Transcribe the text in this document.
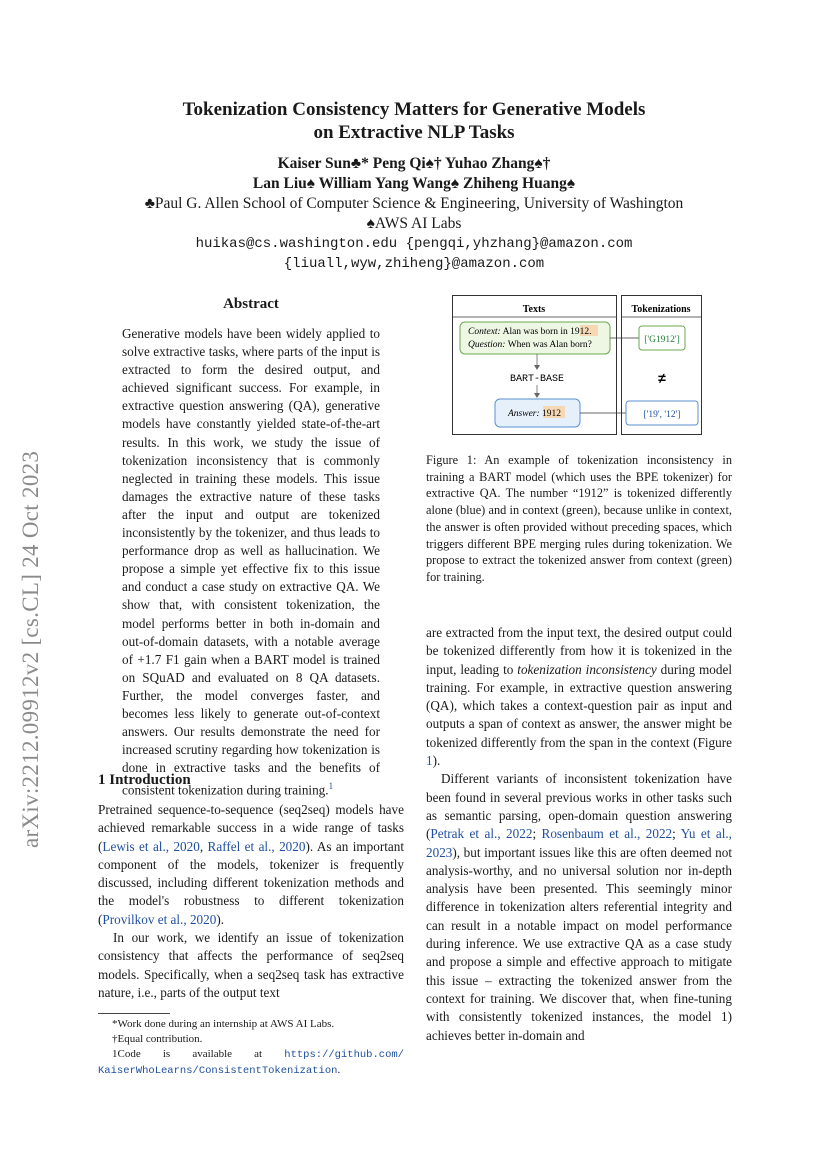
arXiv:2212.09912v2 [cs.CL] 24 Oct 2023
Tokenization Consistency Matters for Generative Models
on Extractive NLP Tasks
Kaiser Sun♣* Peng Qi♠† Yuhao Zhang♠†
Lan Liu♠ William Yang Wang♠ Zhiheng Huang♠
♣Paul G. Allen School of Computer Science & Engineering, University of Washington
♠AWS AI Labs
huikas@cs.washington.edu {pengqi,yhzhang}@amazon.com
{liuall,wyw,zhiheng}@amazon.com
Abstract
Generative models have been widely applied to solve extractive tasks, where parts of the input is extracted to form the desired output, and achieved significant success. For example, in extractive question answering (QA), generative models have constantly yielded state-of-the-art results. In this work, we study the issue of tokenization inconsistency that is commonly neglected in training these models. This issue damages the extractive nature of these tasks after the input and output are tokenized inconsistently by the tokenizer, and thus leads to performance drop as well as hallucination. We propose a simple yet effective fix to this issue and conduct a case study on extractive QA. We show that, with consistent tokenization, the model performs better in both in-domain and out-of-domain datasets, with a notable average of +1.7 F1 gain when a BART model is trained on SQuAD and evaluated on 8 QA datasets. Further, the model converges faster, and becomes less likely to generate out-of-context answers. Our results demonstrate the need for increased scrutiny regarding how tokenization is done in extractive tasks and the benefits of consistent tokenization during training.$^1$
1 Introduction

Pretrained sequence-to-sequence (seq2seq) models have achieved remarkable success in a wide range of tasks (Lewis et al., 2020, Raffel et al., 2020). As an important component of the models, tokenizer is frequently discussed, including different tokenization methods and the model's robustness to different tokenization (Provilkov et al., 2020).

In our work, we identify an issue of tokenization consistency that affects the performance of seq2seq models. Specifically, when a seq2seq task has extractive nature, i.e., parts of the output text

*Work done during an internship at AWS AI Labs.
†Equal contribution.
1Code is available at https://github.com/
KaiserWhoLearns/ConsistentTokenization.
Texts	Tokenizations
Context: Alan was born in 1912.
Question: When was Alan born?
BART-BASE
Answer: 1912
['G1912']
≠
['19', '12']
Figure 1: An example of tokenization inconsistency in training a BART model (which uses the BPE tokenizer) for extractive QA. The number “1912” is tokenized differently alone (blue) and in context (green), because unlike in context, the answer is often provided without preceding spaces, which triggers different BPE merging rules during tokenization. We propose to extract the tokenized answer from context (green) for training.

are extracted from the input text, the desired output could be tokenized differently from how it is tokenized in the input, leading to tokenization inconsistency during model training. For example, in extractive question answering (QA), which takes a context-question pair as input and outputs a span of context as answer, the answer might be tokenized differently from the span in the context (Figure 1).

Different variants of inconsistent tokenization have been found in several previous works in other tasks such as semantic parsing, open-domain question answering (Petrak et al., 2022; Rosenbaum et al., 2022; Yu et al., 2023), but important issues like this are often deemed not analysis-worthy, and no universal solution nor in-depth analysis have been presented. This seemingly minor difference in tokenization alters referential integrity and can result in a notable impact on model performance during inference. We use extractive QA as a case study and propose a simple and effective approach to mitigate this issue – extracting the tokenized answer from the context for training. We discover that, when fine-tuning with consistently tokenized instances, the model 1) achieves better in-domain and
